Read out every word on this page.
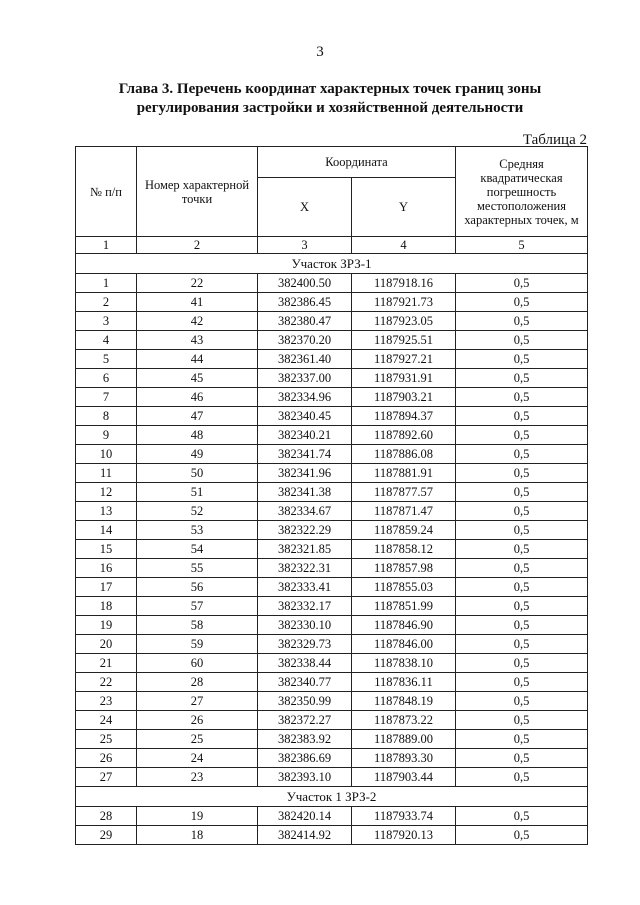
3
Глава 3. Перечень координат характерных точек границ зоны
регулирования застройки и хозяйственной деятельности
Таблица 2
№ п/п	Номер характерной точки	Координата		Средняя квадратическая погрешность местоположения характерных точек, м
		X	Y	
1	2	3	4	5
Участок ЗРЗ-1				
1	22	382400.50	1187918.16	0,5
2	41	382386.45	1187921.73	0,5
3	42	382380.47	1187923.05	0,5
4	43	382370.20	1187925.51	0,5
5	44	382361.40	1187927.21	0,5
6	45	382337.00	1187931.91	0,5
7	46	382334.96	1187903.21	0,5
8	47	382340.45	1187894.37	0,5
9	48	382340.21	1187892.60	0,5
10	49	382341.74	1187886.08	0,5
11	50	382341.96	1187881.91	0,5
12	51	382341.38	1187877.57	0,5
13	52	382334.67	1187871.47	0,5
14	53	382322.29	1187859.24	0,5
15	54	382321.85	1187858.12	0,5
16	55	382322.31	1187857.98	0,5
17	56	382333.41	1187855.03	0,5
18	57	382332.17	1187851.99	0,5
19	58	382330.10	1187846.90	0,5
20	59	382329.73	1187846.00	0,5
21	60	382338.44	1187838.10	0,5
22	28	382340.77	1187836.11	0,5
23	27	382350.99	1187848.19	0,5
24	26	382372.27	1187873.22	0,5
25	25	382383.92	1187889.00	0,5
26	24	382386.69	1187893.30	0,5
27	23	382393.10	1187903.44	0,5
Участок 1 ЗРЗ-2				
28	19	382420.14	1187933.74	0,5
29	18	382414.92	1187920.13	0,5
